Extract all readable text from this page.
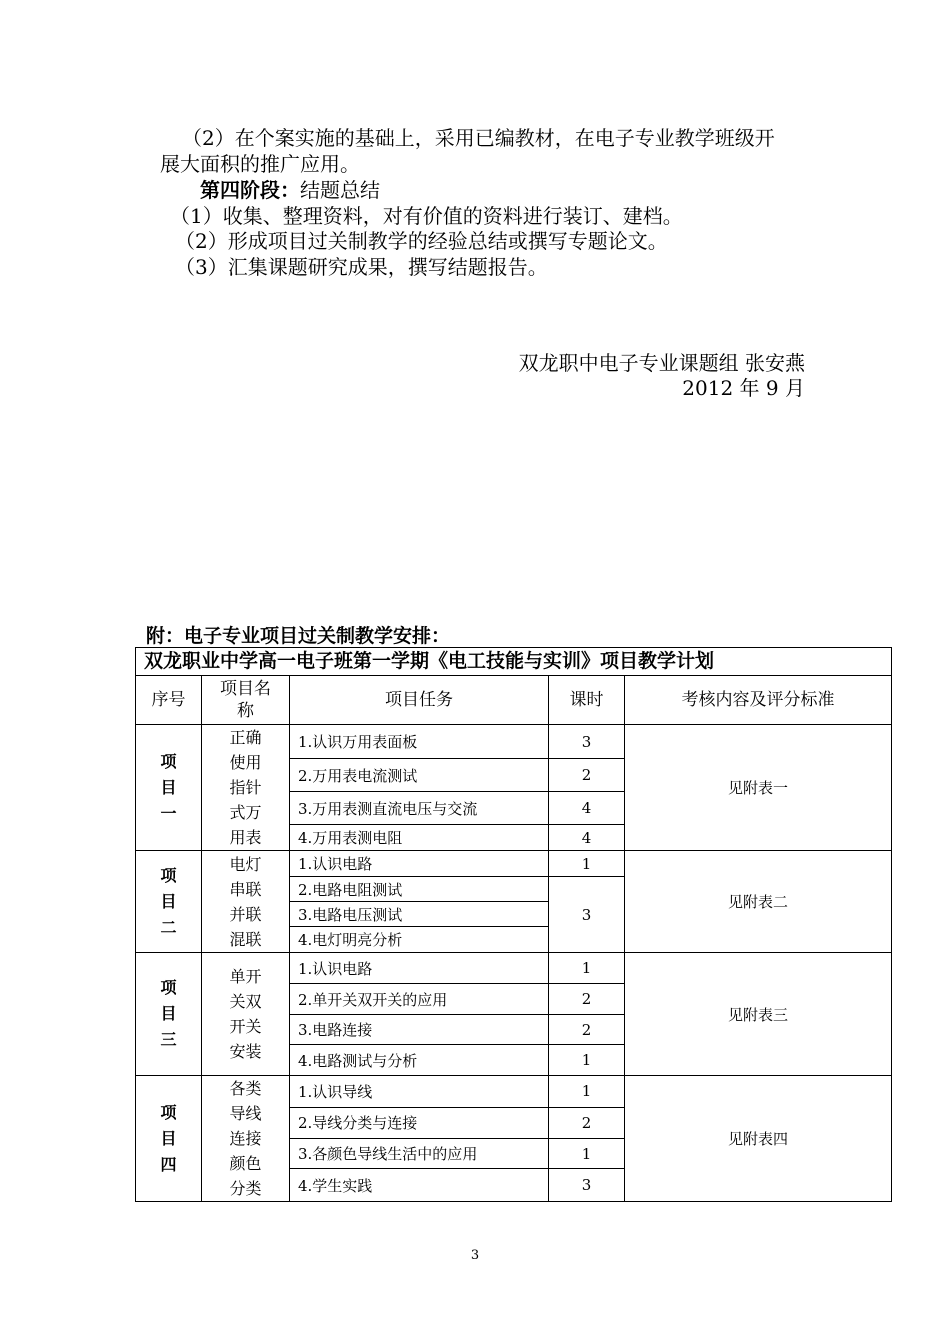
（2）在个案实施的基础上，采用已编教材，在电子专业教学班级开
展大面积的推广应用。
第四阶段：结题总结
（1）收集、整理资料，对有价值的资料进行装订、建档。
（2）形成项目过关制教学的经验总结或撰写专题论文。
（3）汇集课题研究成果，撰写结题报告。
双龙职中电子专业课题组 张安燕
2012 年 9 月
附：电子专业项目过关制教学安排：
双龙职业中学高一电子班第一学期《电工技能与实训》项目教学计划				
序号	项目名称	项目任务	课时	考核内容及评分标准

项目一	正确使用指针式万用表	1.认识万用表面板	3	见附表一
		2.万用表电流测试	2	
		3.万用表测直流电压与交流	4	
		4.万用表测电阻	4	

项目二	电灯串联并联混联	1.认识电路	1	见附表二
		2.电路电阻测试	3	
		3.电路电压测试		
		4.电灯明亮分析		

项目三	单开关双开关安装	1.认识电路	1	见附表三
		2.单开关双开关的应用	2	
		3.电路连接	2	
		4.电路测试与分析	1	

项目四	各类导线连接颜色分类	1.认识导线	1	见附表四
		2.导线分类与连接	2	
		3.各颜色导线生活中的应用	1	
		4.学生实践	3	
3
